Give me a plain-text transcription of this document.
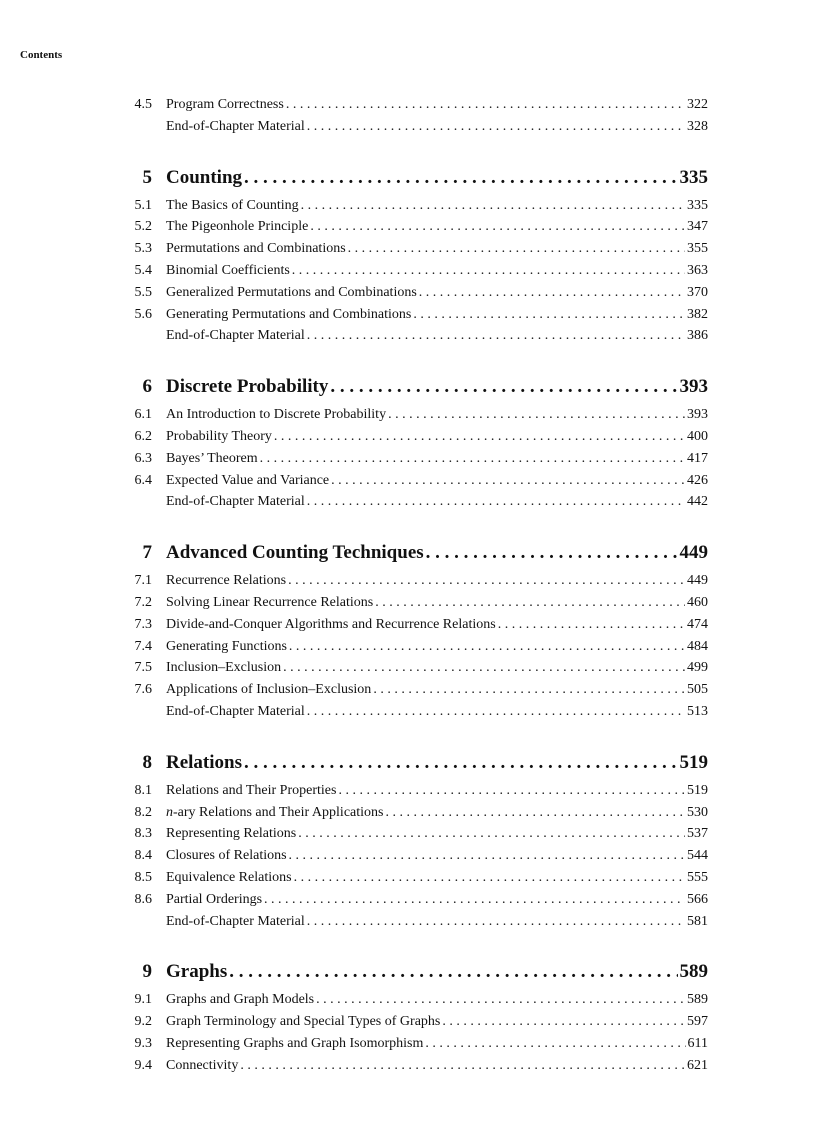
Contents
4.5 Program Correctness . . .	322
End-of-Chapter Material . . .	328
5 Counting . . .	335
5.1 The Basics of Counting . . .	335
5.2 The Pigeonhole Principle . . .	347
5.3 Permutations and Combinations . . .	355
5.4 Binomial Coefficients . . .	363
5.5 Generalized Permutations and Combinations . . .	370
5.6 Generating Permutations and Combinations . . .	382
End-of-Chapter Material . . .	386
6 Discrete Probability . . .	393
6.1 An Introduction to Discrete Probability . . .	393
6.2 Probability Theory . . .	400
6.3 Bayes’ Theorem . . .	417
6.4 Expected Value and Variance . . .	426
End-of-Chapter Material . . .	442
7 Advanced Counting Techniques . . .	449
7.1 Recurrence Relations . . .	449
7.2 Solving Linear Recurrence Relations . . .	460
7.3 Divide-and-Conquer Algorithms and Recurrence Relations . . .	474
7.4 Generating Functions . . .	484
7.5 Inclusion–Exclusion . . .	499
7.6 Applications of Inclusion–Exclusion . . .	505
End-of-Chapter Material . . .	513
8 Relations . . .	519
8.1 Relations and Their Properties . . .	519
8.2 n-ary Relations and Their Applications . . .	530
8.3 Representing Relations . . .	537
8.4 Closures of Relations . . .	544
8.5 Equivalence Relations . . .	555
8.6 Partial Orderings . . .	566
End-of-Chapter Material . . .	581
9 Graphs . . .	589
9.1 Graphs and Graph Models . . .	589
9.2 Graph Terminology and Special Types of Graphs . . .	597
9.3 Representing Graphs and Graph Isomorphism . . .	611
9.4 Connectivity . . .	621
